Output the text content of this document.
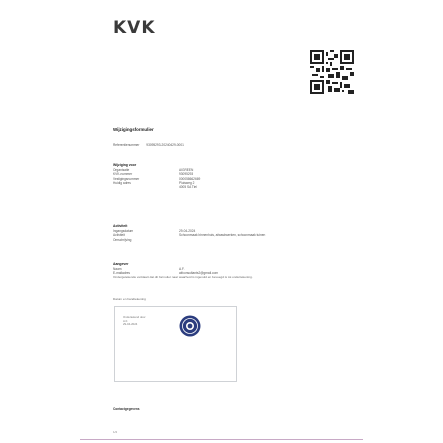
KVK
Wijzigingsformulier
Referentienummer 93095293-20240429-0001
Wijziging voor
Organisatie	AIGREEN
KVK-nummer	93095293
Vestigingsnummer	000058662669
Huidig adres	Pluisweg 2
4005 SA Tiel
Activiteit
Ingangsdatum	29-04-2024
Activiteit	Schoonmaak binnenhuis, afwaskwerken, schoonmaak tuinen
Omschrijving
Aangever
Naam	A.F.
E-mailadres	aifconsultants2@gmail.com
Ondergetekende verklaart dat dit formulier naar waarheid is ingevuld en bevoegd is tot ondertekening.
Datum en handtekening
Ondertekend door
A.F.
29-04-2024
Contactgegevens
1/2
